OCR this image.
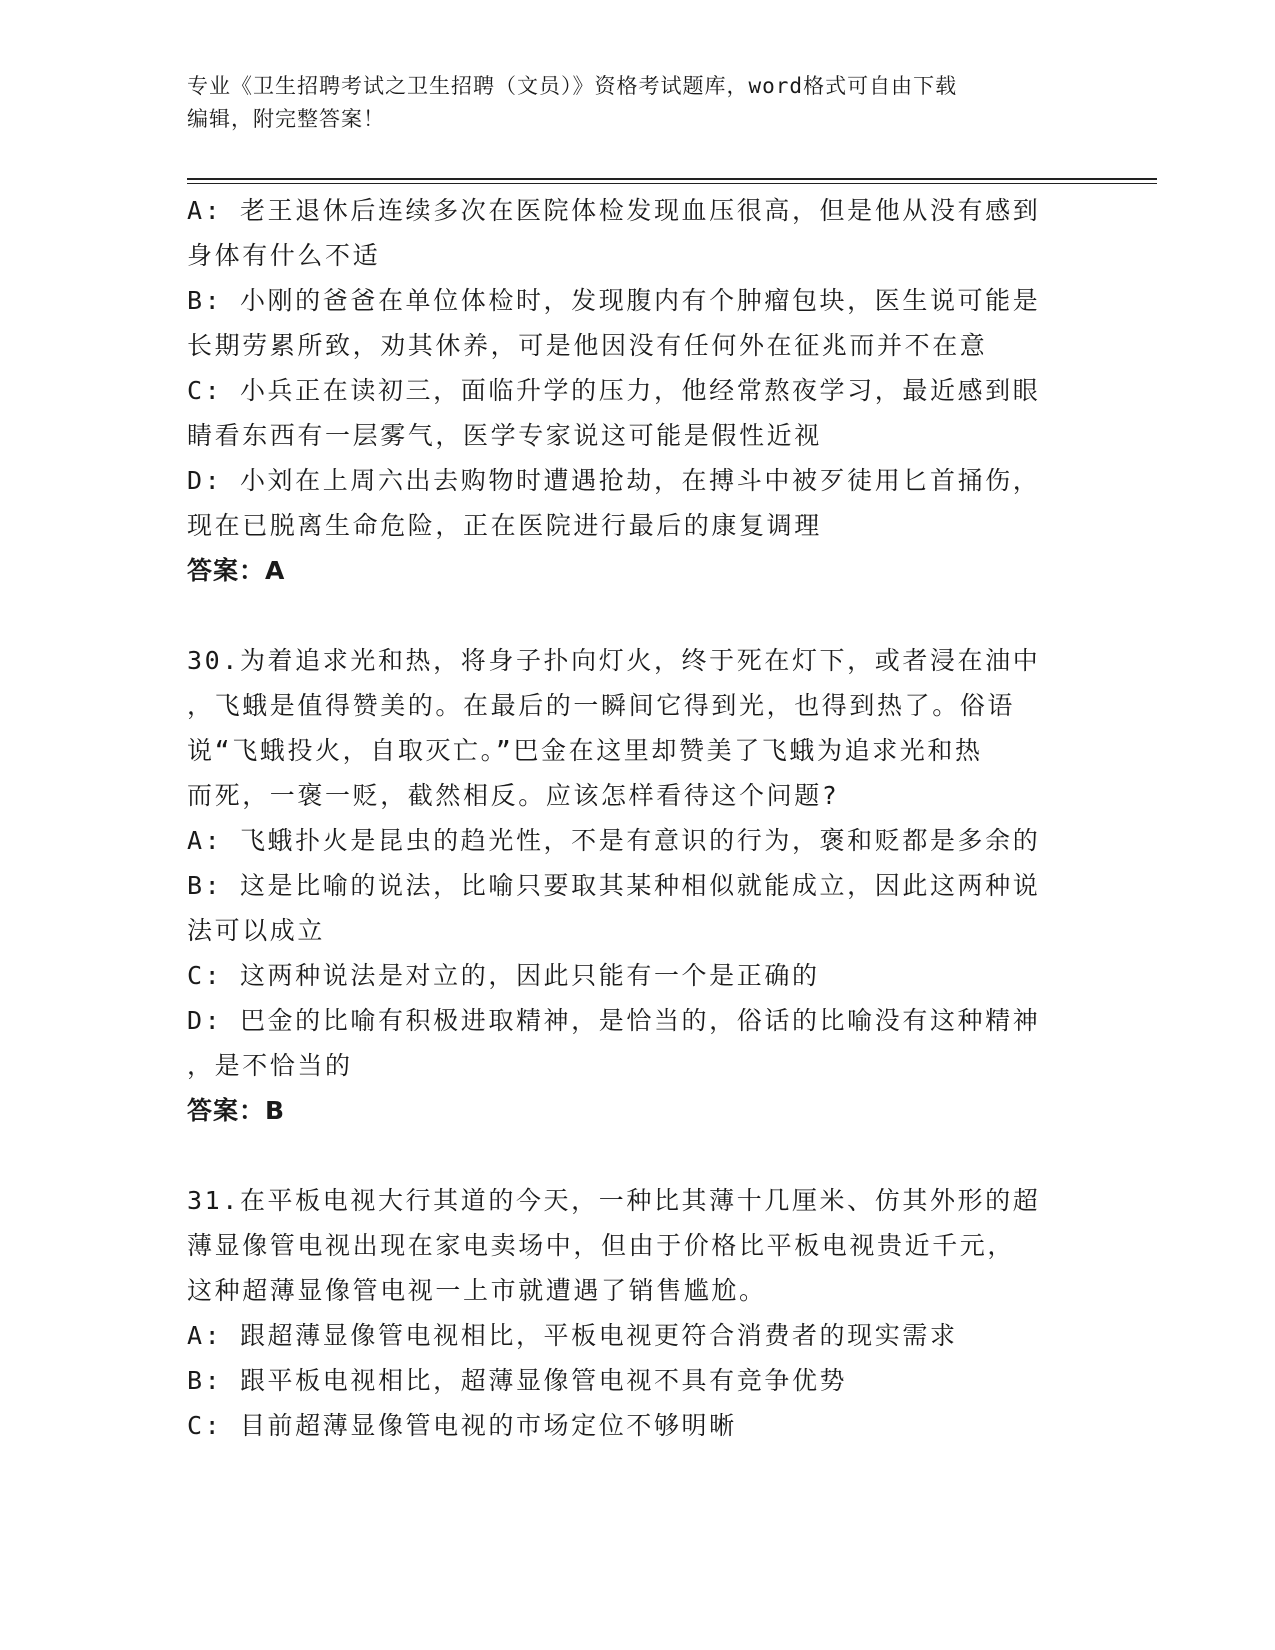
专业《卫生招聘考试之卫生招聘（文员）》资格考试题库，word格式可自由下载
编辑，附完整答案！
A: 老王退休后连续多次在医院体检发现血压很高，但是他从没有感到
身体有什么不适
B: 小刚的爸爸在单位体检时，发现腹内有个肿瘤包块，医生说可能是
长期劳累所致，劝其休养，可是他因没有任何外在征兆而并不在意
C: 小兵正在读初三，面临升学的压力，他经常熬夜学习，最近感到眼
睛看东西有一层雾气，医学专家说这可能是假性近视
D: 小刘在上周六出去购物时遭遇抢劫，在搏斗中被歹徒用匕首捅伤，
现在已脱离生命危险，正在医院进行最后的康复调理
答案：A
30.为着追求光和热，将身子扑向灯火，终于死在灯下，或者浸在油中
，飞蛾是值得赞美的。在最后的一瞬间它得到光，也得到热了。俗语
说“飞蛾投火，自取灭亡。”巴金在这里却赞美了飞蛾为追求光和热
而死，一褒一贬，截然相反。应该怎样看待这个问题?
A: 飞蛾扑火是昆虫的趋光性，不是有意识的行为，褒和贬都是多余的
B: 这是比喻的说法，比喻只要取其某种相似就能成立，因此这两种说
法可以成立
C: 这两种说法是对立的，因此只能有一个是正确的
D: 巴金的比喻有积极进取精神，是恰当的，俗话的比喻没有这种精神
，是不恰当的
答案：B
31.在平板电视大行其道的今天，一种比其薄十几厘米、仿其外形的超
薄显像管电视出现在家电卖场中，但由于价格比平板电视贵近千元，
这种超薄显像管电视一上市就遭遇了销售尴尬。
A: 跟超薄显像管电视相比，平板电视更符合消费者的现实需求
B: 跟平板电视相比，超薄显像管电视不具有竞争优势
C: 目前超薄显像管电视的市场定位不够明晰
